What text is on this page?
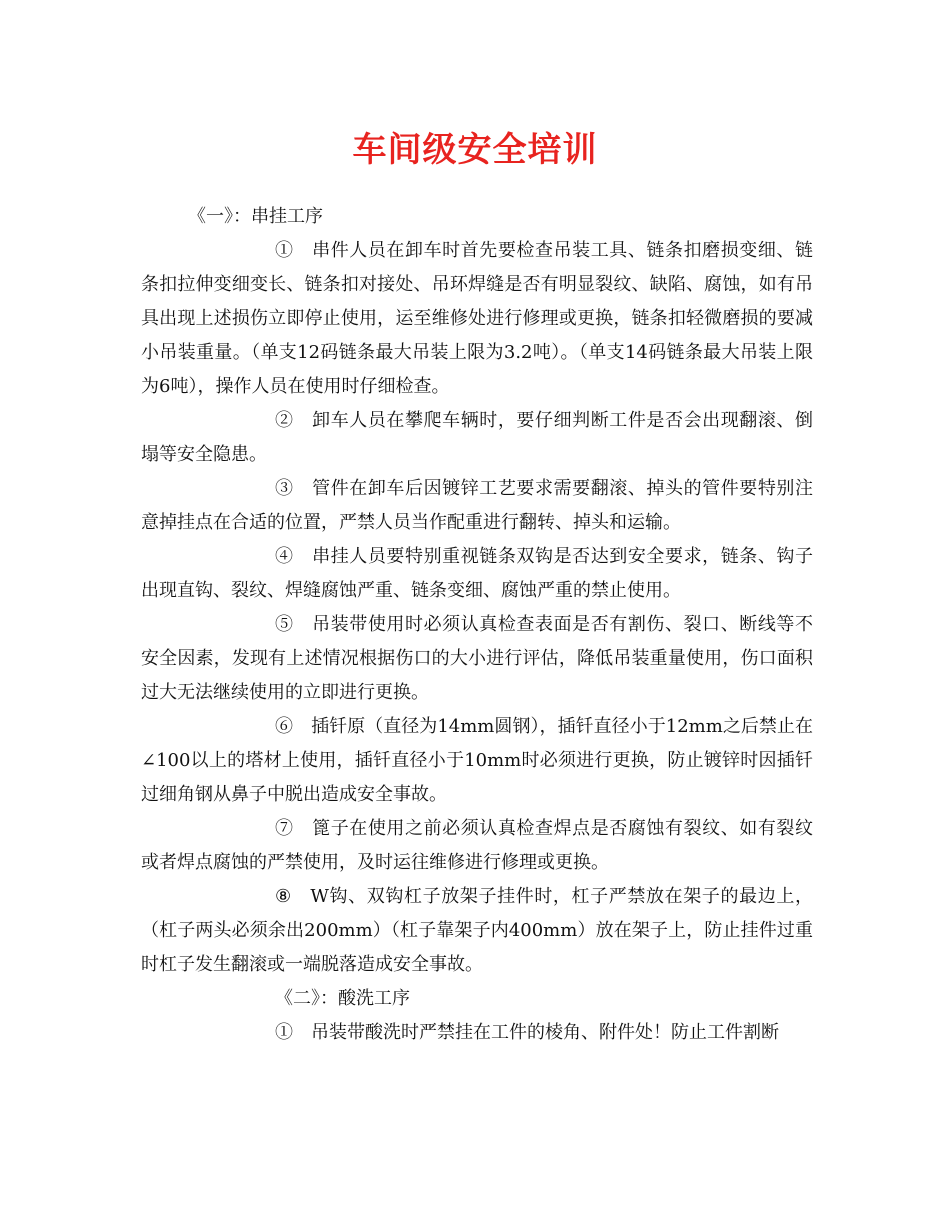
车间级安全培训

《一》：串挂工序

①　串件人员在卸车时首先要检查吊装工具、链条扣磨损变细、链条扣拉伸变细变长、链条扣对接处、吊环焊缝是否有明显裂纹、缺陷、腐蚀，如有吊具出现上述损伤立即停止使用，运至维修处进行修理或更换，链条扣轻微磨损的要减小吊装重量。（单支12码链条最大吊装上限为3.2吨）。（单支14码链条最大吊装上限为6吨），操作人员在使用时仔细检查。

②　卸车人员在攀爬车辆时，要仔细判断工件是否会出现翻滚、倒塌等安全隐患。

③　管件在卸车后因镀锌工艺要求需要翻滚、掉头的管件要特别注意掉挂点在合适的位置，严禁人员当作配重进行翻转、掉头和运输。

④　串挂人员要特别重视链条双钩是否达到安全要求，链条、钩子出现直钩、裂纹、焊缝腐蚀严重、链条变细、腐蚀严重的禁止使用。

⑤　吊装带使用时必须认真检查表面是否有割伤、裂口、断线等不安全因素，发现有上述情况根据伤口的大小进行评估，降低吊装重量使用，伤口面积过大无法继续使用的立即进行更换。

⑥　插钎原（直径为14mm圆钢），插钎直径小于12mm之后禁止在∠100以上的塔材上使用，插钎直径小于10mm时必须进行更换，防止镀锌时因插钎过细角钢从鼻子中脱出造成安全事故。

⑦　篦子在使用之前必须认真检查焊点是否腐蚀有裂纹、如有裂纹或者焊点腐蚀的严禁使用，及时运往维修进行修理或更换。

⑧　W钩、双钩杠子放架子挂件时，杠子严禁放在架子的最边上，（杠子两头必须余出200mm）（杠子靠架子内400mm）放在架子上，防止挂件过重时杠子发生翻滚或一端脱落造成安全事故。

《二》：酸洗工序

①　吊装带酸洗时严禁挂在工件的棱角、附件处！防止工件割断
